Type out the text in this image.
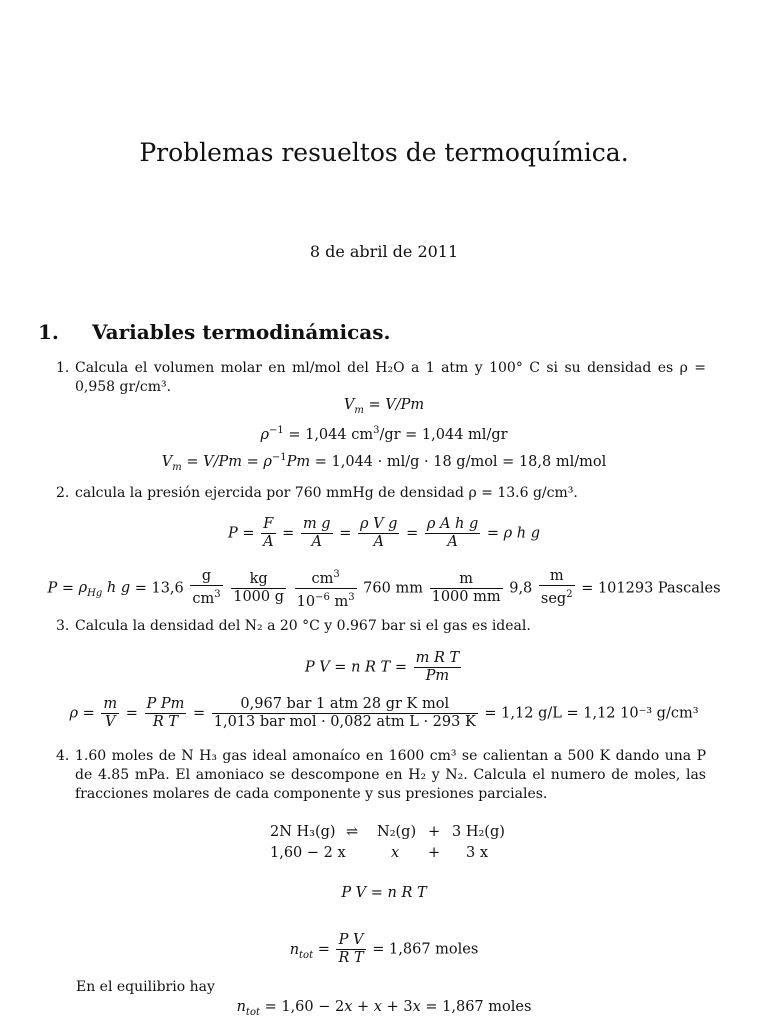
Problemas resueltos de termoquímica.
8 de abril de 2011
1. Variables termodinámicas.
1. Calcula el volumen molar en ml/mol del H₂O a 1 atm y 100° C si su densidad es ρ = 0,958 gr/cm³.
$V_m = V/Pm$
$\rho^{-1} = 1,044$ $cm^3/gr = 1,044$ ml/gr
$V_m = V/Pm = \rho^{-1}Pm = 1,044 \cdot ml/g \cdot 18$ g/mol = 18,8 ml/mol
2. calcula la presión ejercida por 760 mmHg de densidad ρ = 13.6 g/cm³.
$P = \frac{F}{A} = \frac{\text{m g}}{A} = \frac{\text{ρ V g}}{A} = \frac{\text{ρ A h g}}{A} = \rho$ h g
$P = \rho_{Hg}$ h $g = 13,6 \frac{g}{cm^3}$
$\frac{kg}{1000 g}$
$\frac{cm^3}{10^{-6} m^3} 760$ mm $\frac{m}{1000 mm} 9,8 \frac{m}{seg^2} = 101293$ Pascales
3. Calcula la densidad del N₂ a 20 °C y 0.967 bar si el gas es ideal.
P V = n R $T = \frac{\text{m R T}}{Pm}$
$\rho = \frac{m}{V} = \frac{\text{P Pm}}{\text{R T}} = \frac{\text{0,967 bar 1 atm 28 gr K mol}}{\text{1,013 bar mol · 0,082 atm L · 293 K}} = 1,12$ g/L = 1,12 10⁻³ g/cm³
4. 1.60 moles de N H₃ gas ideal amonaíco en 1600 cm³ se calientan a 500 K dando una P de 4.85 mPa. El amoniaco se descompone en H₂ y N₂. Calcula el numero de moles, las fracciones molares de cada componente y sus presiones parciales.
2N H₃(g) ⇌ N₂(g) + 3 H₂(g)
1,60 − 2 x	x + 3 x
P V = n R T
$n_{tot} = \frac{\text{P V}}{\text{R T}} = 1,867$ moles
En el equilibrio hay
$n_{tot} = 1,60 - 2x + x + 3x = 1,867$ moles
